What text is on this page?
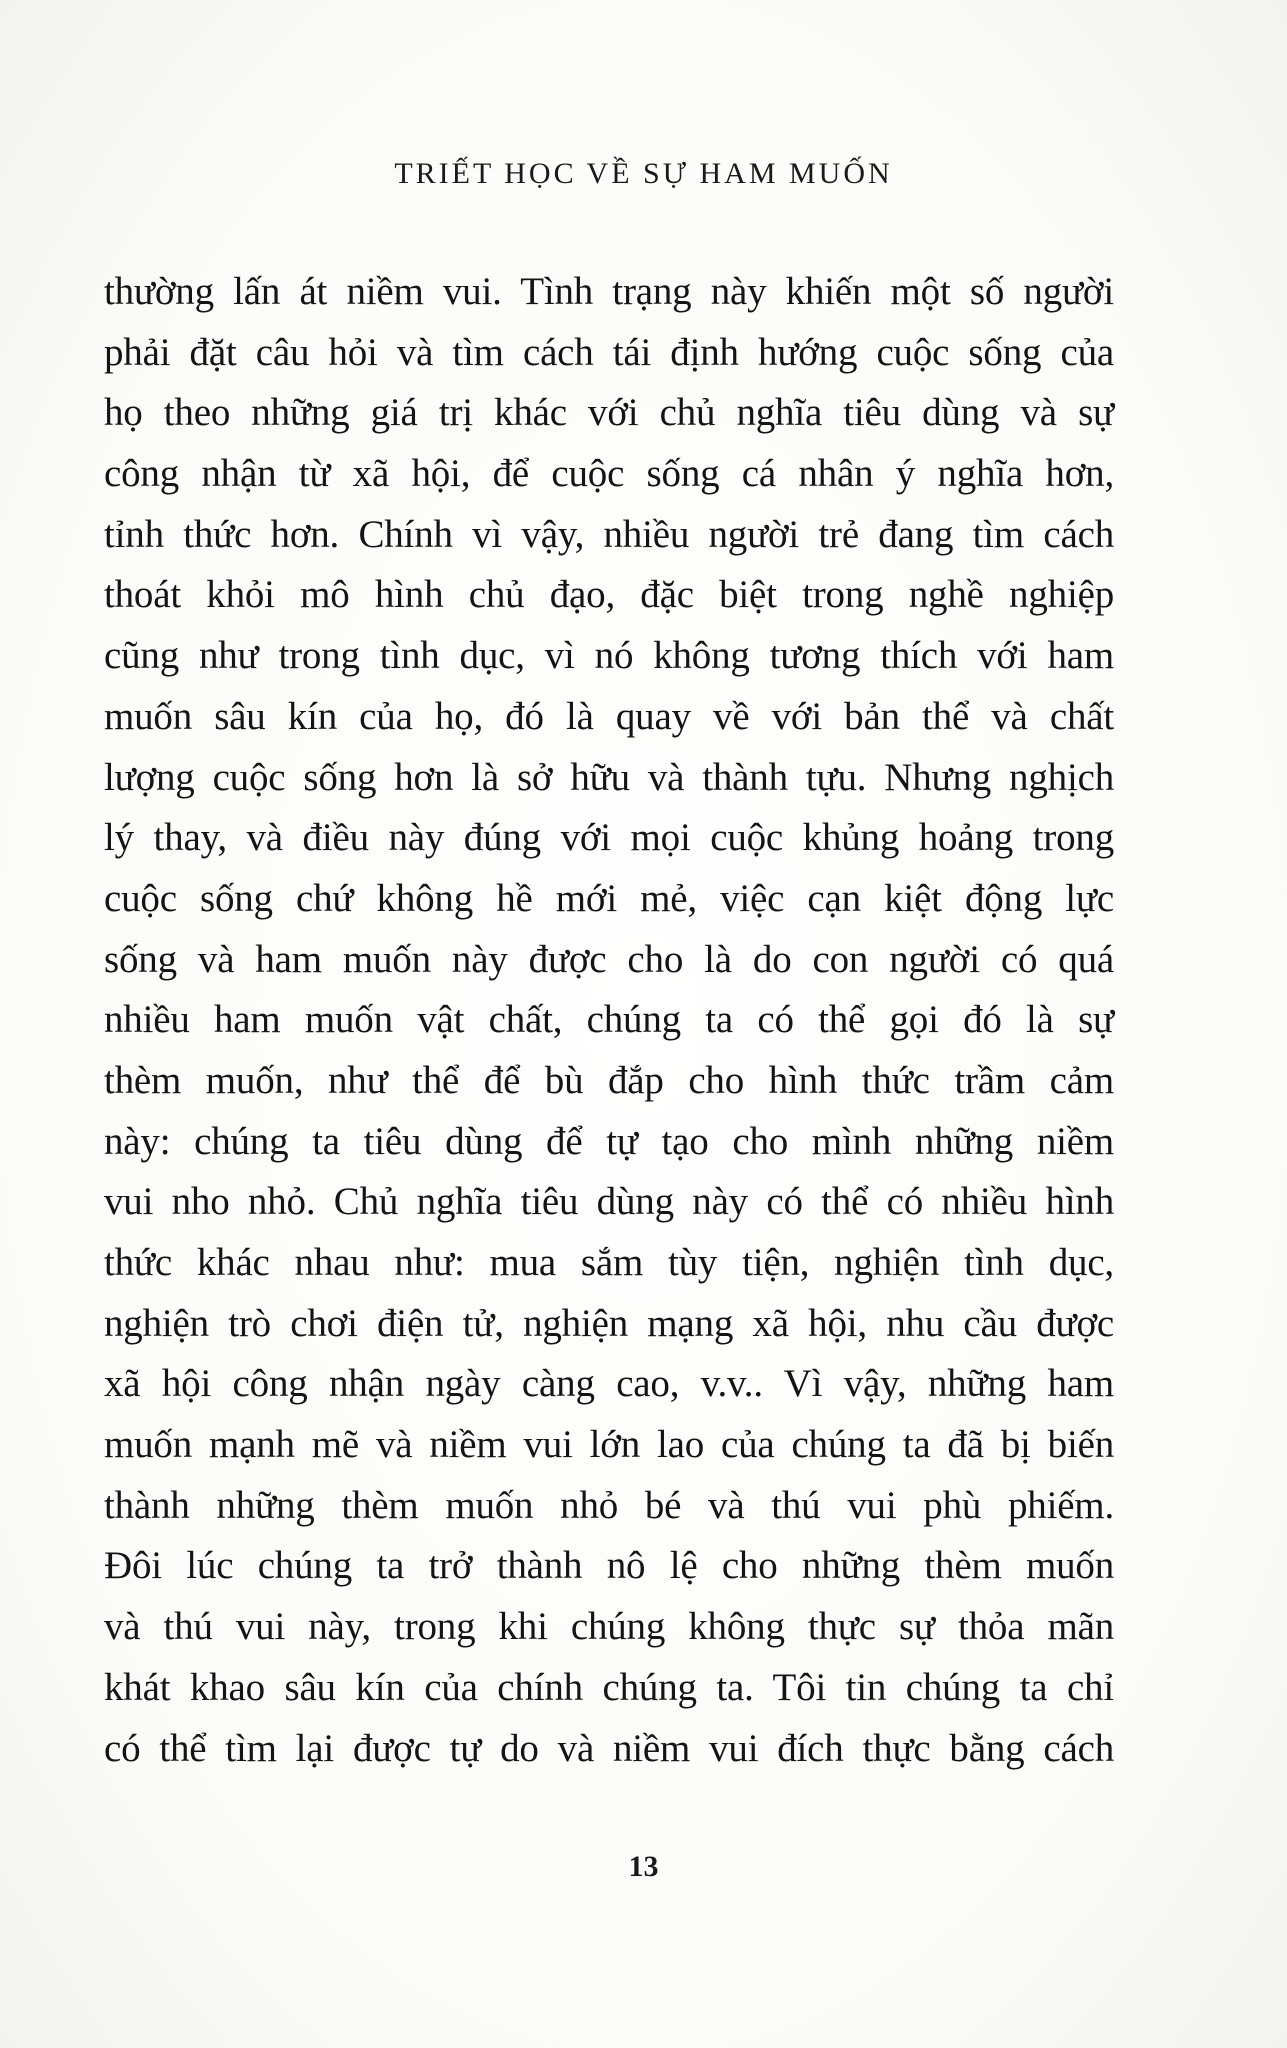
TRIẾT HỌC VỀ SỰ HAM MUỐN
thường lấn át niềm vui. Tình trạng này khiến một số người
phải đặt câu hỏi và tìm cách tái định hướng cuộc sống của
họ theo những giá trị khác với chủ nghĩa tiêu dùng và sự
công nhận từ xã hội, để cuộc sống cá nhân ý nghĩa hơn,
tỉnh thức hơn. Chính vì vậy, nhiều người trẻ đang tìm cách
thoát khỏi mô hình chủ đạo, đặc biệt trong nghề nghiệp
cũng như trong tình dục, vì nó không tương thích với ham
muốn sâu kín của họ, đó là quay về với bản thể và chất
lượng cuộc sống hơn là sở hữu và thành tựu. Nhưng nghịch
lý thay, và điều này đúng với mọi cuộc khủng hoảng trong
cuộc sống chứ không hề mới mẻ, việc cạn kiệt động lực
sống và ham muốn này được cho là do con người có quá
nhiều ham muốn vật chất, chúng ta có thể gọi đó là sự
thèm muốn, như thể để bù đắp cho hình thức trầm cảm
này: chúng ta tiêu dùng để tự tạo cho mình những niềm
vui nho nhỏ. Chủ nghĩa tiêu dùng này có thể có nhiều hình
thức khác nhau như: mua sắm tùy tiện, nghiện tình dục,
nghiện trò chơi điện tử, nghiện mạng xã hội, nhu cầu được
xã hội công nhận ngày càng cao, v.v.. Vì vậy, những ham
muốn mạnh mẽ và niềm vui lớn lao của chúng ta đã bị biến
thành những thèm muốn nhỏ bé và thú vui phù phiếm.
Đôi lúc chúng ta trở thành nô lệ cho những thèm muốn
và thú vui này, trong khi chúng không thực sự thỏa mãn
khát khao sâu kín của chính chúng ta. Tôi tin chúng ta chỉ
có thể tìm lại được tự do và niềm vui đích thực bằng cách
13
